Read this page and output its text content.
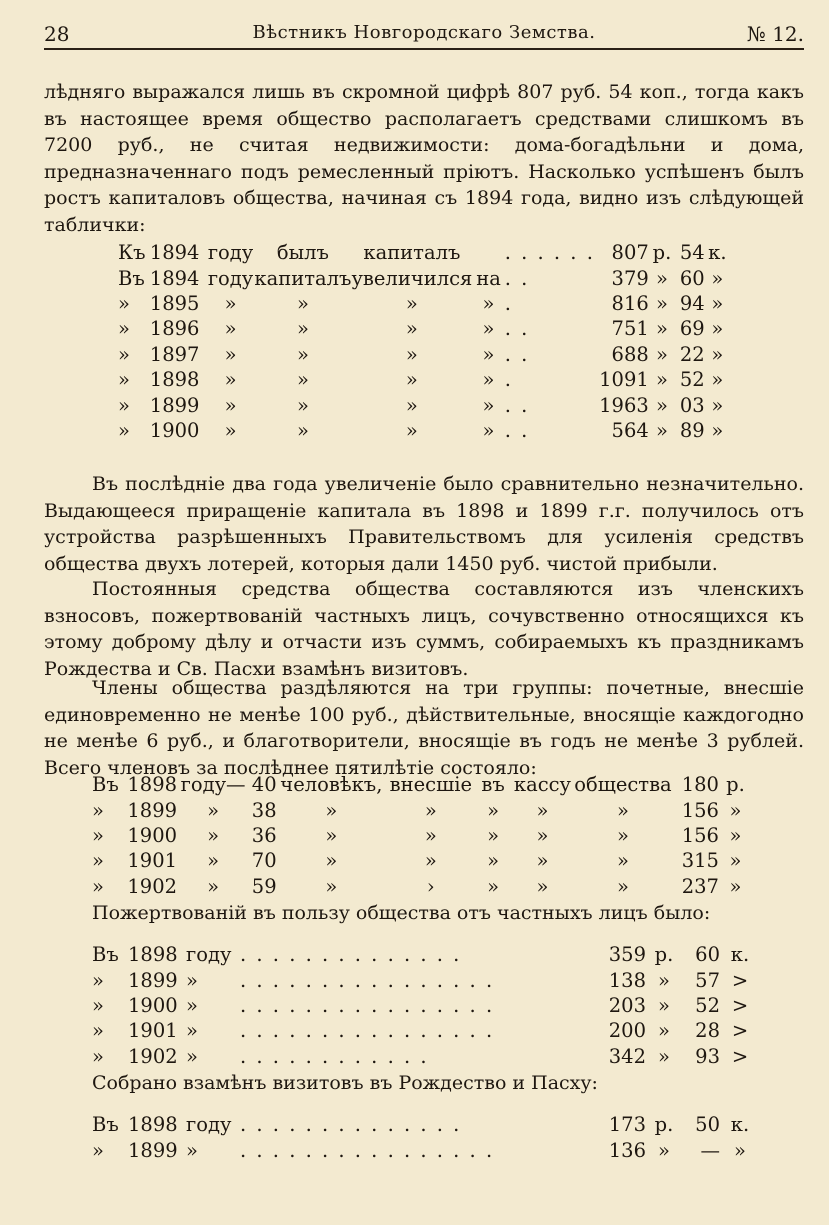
28	Вѣстникъ Новгородскаго Земства.	№ 12.

лѣдняго выражался лишь въ скромной цифрѣ 807 руб. 54 коп., тогда какъ въ настоящее время общество располагаетъ средствами слишкомъ въ 7200 руб., не считая недвижимости: дома-богадѣльни и дома, предназначеннаго подъ ремесленный пріютъ. Насколько успѣшенъ былъ ростъ капиталовъ общества, начиная съ 1894 года, видно изъ слѣдующей таблички:

Къ	1894	году	былъ	капиталъ		. . . . . .	807	р.	54	к.
Въ	1894	году	капиталъ	увеличился	на	. .	379	»	60	»
»	1895	»	»	»	»	.	816	»	94	»
»	1896	»	»	»	»	. .	751	»	69	»
»	1897	»	»	»	»	. .	688	»	22	»
»	1898	»	»	»	»	.	1091	»	52	»
»	1899	»	»	»	»	. .	1963	»	03	»
»	1900	»	»	»	»	. .	564	»	89	»

Въ послѣдніе два года увеличеніе было сравнительно незначительно. Выдающееся приращеніе капитала въ 1898 и 1899 г.г. получилось отъ устройства разрѣшенныхъ Правительствомъ для усиленія средствъ общества двухъ лотерей, которыя дали 1450 руб. чистой прибыли.

Постоянныя средства общества составляются изъ членскихъ взносовъ, пожертвованій частныхъ лицъ, сочувственно относящихся къ этому доброму дѣлу и отчасти изъ суммъ, собираемыхъ къ праздникамъ Рождества и Св. Пасхи взамѣнъ визитовъ.

Члены общества раздѣляются на три группы: почетные, внесшіе единовременно не менѣе 100 руб., дѣйствительные, вносящіе каждогодно не менѣе 6 руб., и благотворители, вносящіе въ годъ не менѣе 3 рублей. Всего членовъ за послѣднее пятилѣтіе состояло:

Въ	1898	году—	40	человѣкъ,	внесшіе	въ	кассу	общества	180	р.
»	1899	»	38	»	»	»	»	»	156	»
»	1900	»	36	»	»	»	»	»	156	»
»	1901	»	70	»	»	»	»	»	315	»
»	1902	»	59	»	›	»	»	»	237	»

Пожертвованій въ пользу общества отъ частныхъ лицъ было:

Въ	1898	году	. . . . . . . . . . . . . .	359	р.	60	к.
»	1899	»	. . . . . . . . . . . . . . . .	138	»	57	>
»	1900	»	. . . . . . . . . . . . . . . .	203	»	52	>
»	1901	»	. . . . . . . . . . . . . . . .	200	»	28	>
»	1902	»	. . . . . . . . . . . .	342	»	93	>

Собрано взамѣнъ визитовъ въ Рождество и Пасху:

Въ	1898	году	. . . . . . . . . . . . . .	173	р.	50	к.
»	1899	»	. . . . . . . . . . . . . . . .	136	»	—	»
